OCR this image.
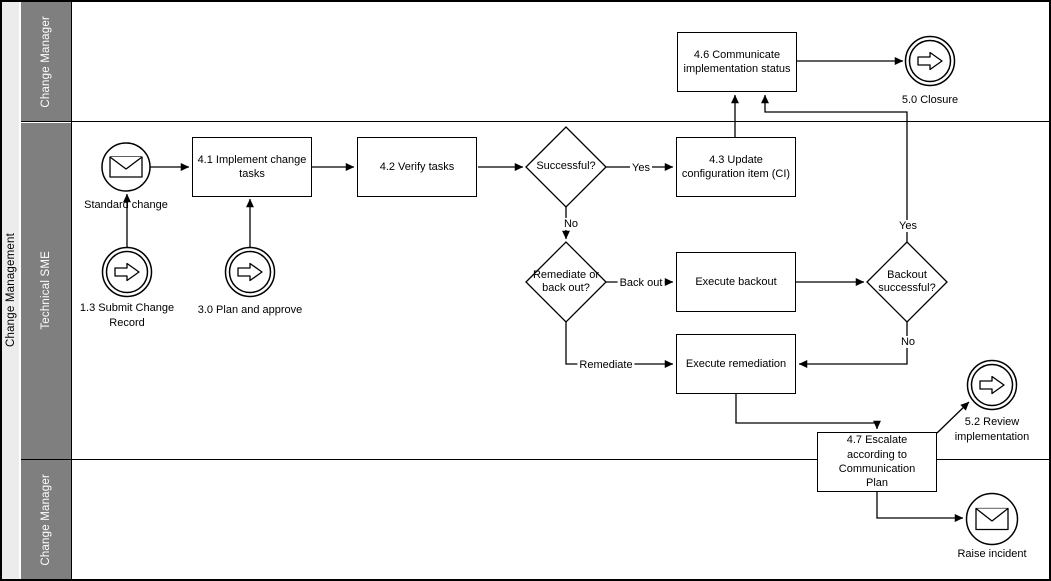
Change Management
Change Manager
Technical SME
Change Manager
4.1 Implement change tasks
4.2 Verify tasks
4.3 Update configuration item (CI)
4.6 Communicate implementation status
Execute backout
Execute remediation
4.7 Escalate according to Communication Plan
Successful?
Remediate or back out?
Backout successful?
Yes
No
Back out
Remediate
Yes
No
Standard change
1.3 Submit Change Record
3.0 Plan and approve
5.0 Closure
5.2 Review implementation
Raise incident
